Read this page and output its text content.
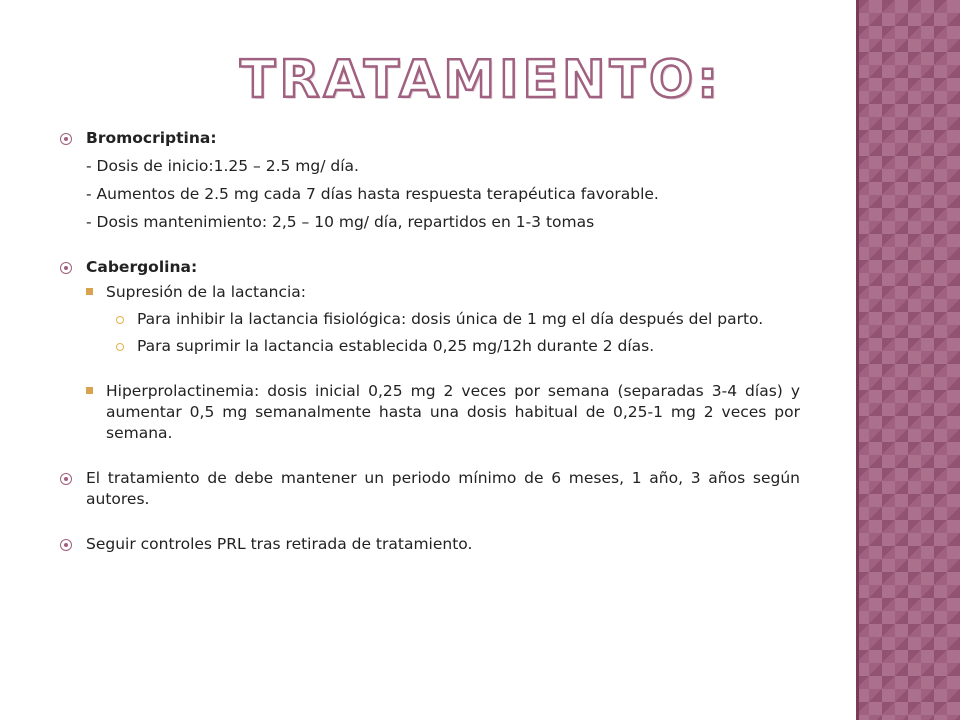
TRATAMIENTO:
Bromocriptina:
- Dosis de inicio:1.25 – 2.5 mg/ día.
- Aumentos de 2.5 mg cada 7 días hasta respuesta terapéutica favorable.
- Dosis mantenimiento: 2,5 – 10 mg/ día, repartidos en 1-3 tomas
Cabergolina:
Supresión de la lactancia:
Para inhibir la lactancia fisiológica: dosis única de 1 mg el día después del parto.
Para suprimir la lactancia establecida 0,25 mg/12h durante 2 días.
Hiperprolactinemia: dosis inicial 0,25 mg 2 veces por semana (separadas 3-4 días) y aumentar 0,5 mg semanalmente hasta una dosis habitual de 0,25-1 mg 2 veces por semana.
El tratamiento de debe mantener un periodo mínimo de 6 meses, 1 año, 3 años según autores.
Seguir controles PRL tras retirada de tratamiento.
